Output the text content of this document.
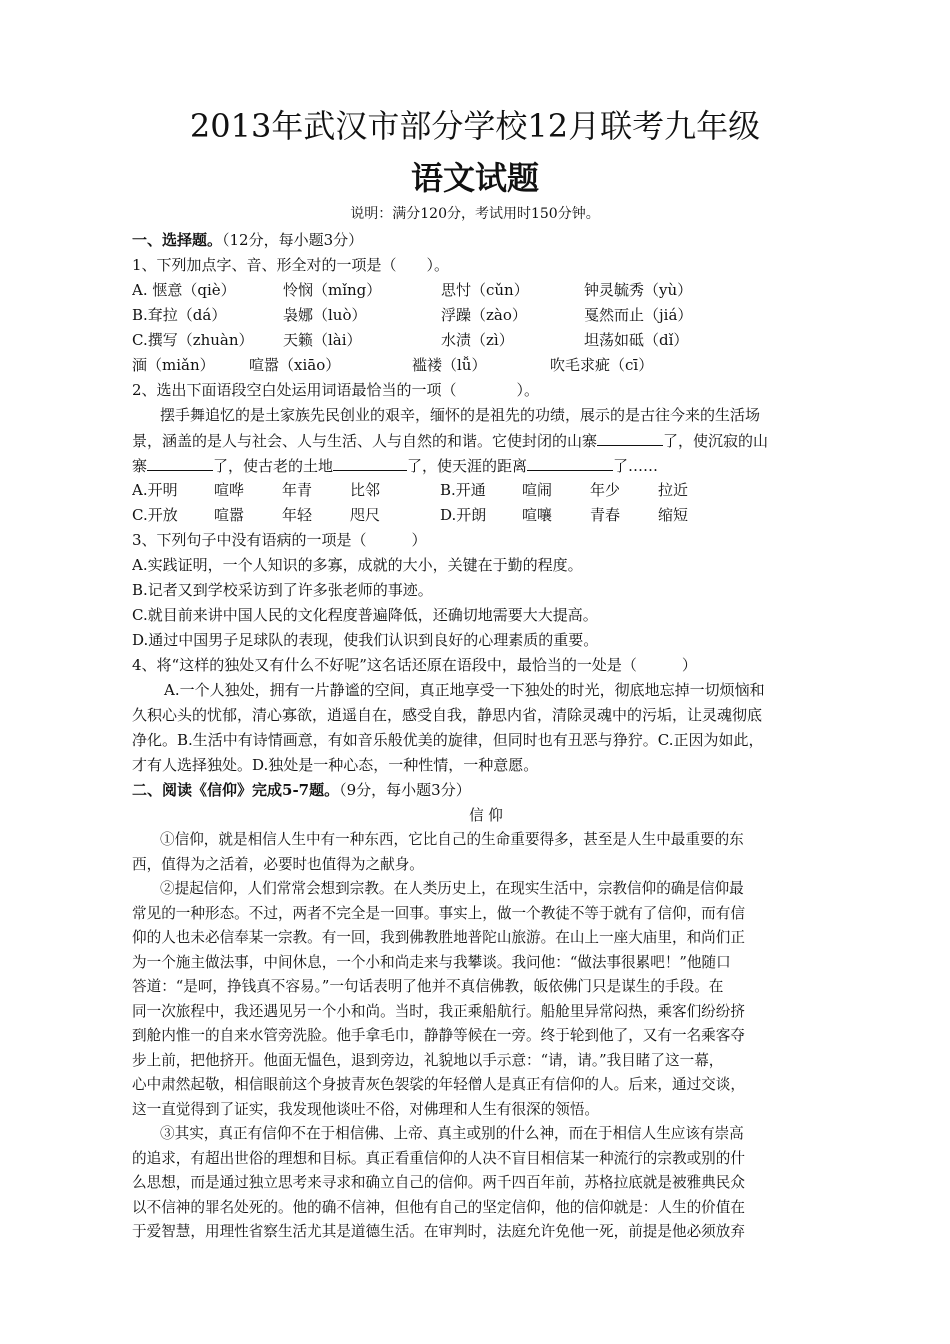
2013年武汉市部分学校12月联考九年级
语文试题
说明：满分120分，考试用时150分钟。
一、选择题。（12分，每小题3分）
1、下列加点字、音、形全对的一项是（　　）。
A. 惬意（qiè）	怜悯（mǐng）	思忖（cǔn）	钟灵毓秀（yù）
B.耷拉（dá）	袅娜（luò）	浮躁（zào）	戛然而止（jiá）
C.撰写（zhuàn）	天籁（lài）	水渍（zì）	坦荡如砥（dǐ）
湎（miǎn）	喧嚣（xiāo）	褴褛（lǚ）	吹毛求疵（cī）
2、选出下面语段空白处运用词语最恰当的一项（　　　　）。
摆手舞追忆的是土家族先民创业的艰辛，缅怀的是祖先的功绩，展示的是古往今来的生活场
景，涵盖的是人与社会、人与生活、人与自然的和谐。它使封闭的山寨	了，使沉寂的山
寨	了，使古老的土地	了，使天涯的距离	了……
A.开明	喧哗	年青	比邻	B.开通	喧闹	年少	拉近
C.开放	喧嚣	年轻	咫尺	D.开朗	喧嚷	青春	缩短
3、下列句子中没有语病的一项是（　　　）
A.实践证明，一个人知识的多寡，成就的大小，关键在于勤的程度。
B.记者又到学校采访到了许多张老师的事迹。
C.就目前来讲中国人民的文化程度普遍降低，还确切地需要大大提高。
D.通过中国男子足球队的表现，使我们认识到良好的心理素质的重要。
4、将“这样的独处又有什么不好呢”这名话还原在语段中，最恰当的一处是（　　　）
A.一个人独处，拥有一片静谧的空间，真正地享受一下独处的时光，彻底地忘掉一切烦恼和
久积心头的忧郁，清心寡欲，逍遥自在，感受自我，静思内省，清除灵魂中的污垢，让灵魂彻底
净化。B.生活中有诗情画意，有如音乐般优美的旋律，但同时也有丑恶与狰狞。C.正因为如此，
才有人选择独处。D.独处是一种心态，一种性情，一种意愿。
二、阅读《信仰》完成5-7题。（9分，每小题3分）
信 仰
①信仰，就是相信人生中有一种东西，它比自己的生命重要得多，甚至是人生中最重要的东
西，值得为之活着，必要时也值得为之献身。
②提起信仰，人们常常会想到宗教。在人类历史上，在现实生活中，宗教信仰的确是信仰最
常见的一种形态。不过，两者不完全是一回事。事实上，做一个教徒不等于就有了信仰，而有信
仰的人也未必信奉某一宗教。有一回，我到佛教胜地普陀山旅游。在山上一座大庙里，和尚们正
为一个施主做法事，中间休息，一个小和尚走来与我攀谈。我问他：“做法事很累吧！”他随口
答道：“是呵，挣钱真不容易。”一句话表明了他并不真信佛教，皈依佛门只是谋生的手段。在
同一次旅程中，我还遇见另一个小和尚。当时，我正乘船航行。船舱里异常闷热，乘客们纷纷挤
到舱内惟一的自来水管旁洗脸。他手拿毛巾，静静等候在一旁。终于轮到他了，又有一名乘客夺
步上前，把他挤开。他面无愠色，退到旁边，礼貌地以手示意：“请，请。”我目睹了这一幕，
心中肃然起敬，相信眼前这个身披青灰色袈裟的年轻僧人是真正有信仰的人。后来，通过交谈，
这一直觉得到了证实，我发现他谈吐不俗，对佛理和人生有很深的领悟。
③其实，真正有信仰不在于相信佛、上帝、真主或别的什么神，而在于相信人生应该有崇高
的追求，有超出世俗的理想和目标。真正看重信仰的人决不盲目相信某一种流行的宗教或别的什
么思想，而是通过独立思考来寻求和确立自己的信仰。两千四百年前，苏格拉底就是被雅典民众
以不信神的罪名处死的。他的确不信神，但他有自己的坚定信仰，他的信仰就是：人生的价值在
于爱智慧，用理性省察生活尤其是道德生活。在审判时，法庭允许免他一死，前提是他必须放弃
